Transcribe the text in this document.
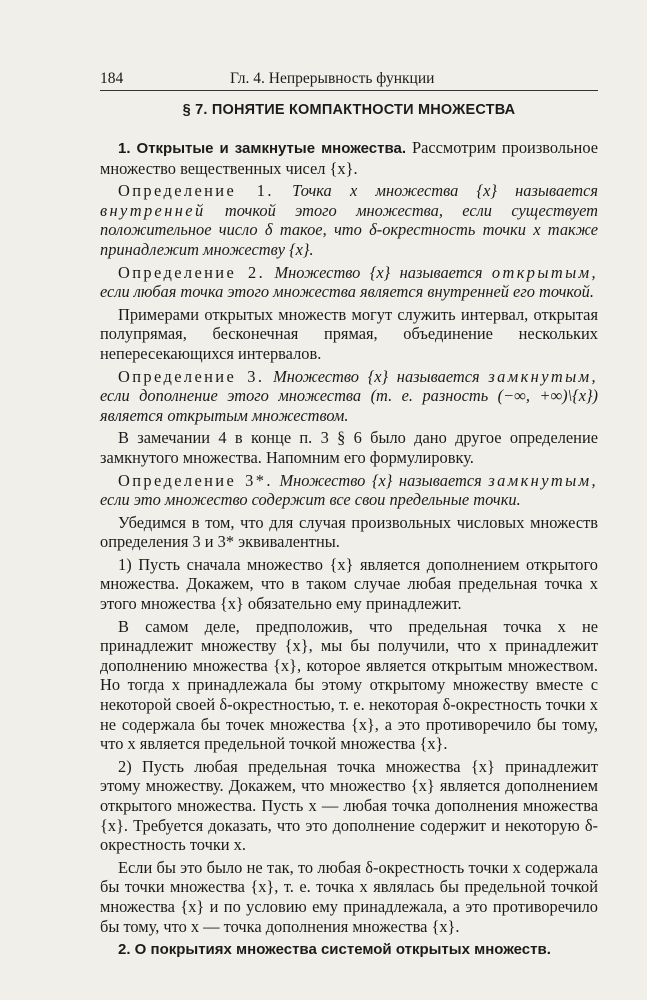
184	Гл. 4. Непрерывность функции
§ 7. ПОНЯТИЕ КОМПАКТНОСТИ МНОЖЕСТВА

1. Открытые и замкнутые множества. Рассмотрим произвольное множество вещественных чисел {x}.

Определение 1. Точка x множества {x} называется внутренней точкой этого множества, если существует положительное число δ такое, что δ-окрестность точки x также принадлежит множеству {x}.

Определение 2. Множество {x} называется открытым, если любая точка этого множества является внутренней его точкой.

Примерами открытых множеств могут служить интервал, открытая полупрямая, бесконечная прямая, объединение нескольких непересекающихся интервалов.

Определение 3. Множество {x} называется замкнутым, если дополнение этого множества (т. е. разность (−∞, +∞)\{x}) является открытым множеством.

В замечании 4 в конце п. 3 § 6 было дано другое определение замкнутого множества. Напомним его формулировку.

Определение 3*. Множество {x} называется замкнутым, если это множество содержит все свои предельные точки.

Убедимся в том, что для случая произвольных числовых множеств определения 3 и 3* эквивалентны.

1) Пусть сначала множество {x} является дополнением открытого множества. Докажем, что в таком случае любая предельная точка x этого множества {x} обязательно ему принадлежит.

В самом деле, предположив, что предельная точка x не принадлежит множеству {x}, мы бы получили, что x принадлежит дополнению множества {x}, которое является открытым множеством. Но тогда x принадлежала бы этому открытому множеству вместе с некоторой своей δ-окрестностью, т. е. некоторая δ-окрестность точки x не содержала бы точек множества {x}, а это противоречило бы тому, что x является предельной точкой множества {x}.

2) Пусть любая предельная точка множества {x} принадлежит этому множеству. Докажем, что множество {x} является дополнением открытого множества. Пусть x — любая точка дополнения множества {x}. Требуется доказать, что это дополнение содержит и некоторую δ-окрестность точки x.

Если бы это было не так, то любая δ-окрестность точки x содержала бы точки множества {x}, т. е. точка x являлась бы предельной точкой множества {x} и по условию ему принадлежала, а это противоречило бы тому, что x — точка дополнения множества {x}.

2. О покрытиях множества системой открытых множеств.
